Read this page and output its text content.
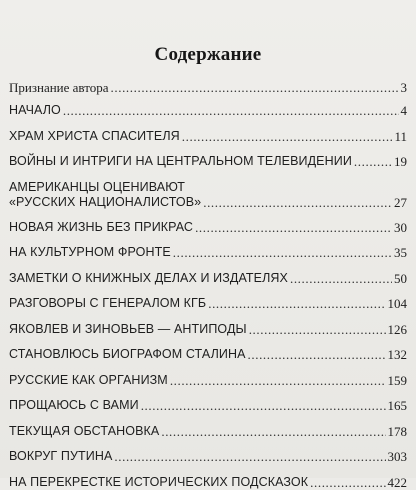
Содержание
Признание автора .....	3
НАЧАЛО .....	4
ХРАМ ХРИСТА СПАСИТЕЛЯ .....	11
ВОЙНЫ И ИНТРИГИ НА ЦЕНТРАЛЬНОМ ТЕЛЕВИДЕНИИ .....	19
АМЕРИКАНЦЫ ОЦЕНИВАЮТ
«РУССКИХ НАЦИОНАЛИСТОВ» .....	27
НОВАЯ ЖИЗНЬ БЕЗ ПРИКРАС .....	30
НА КУЛЬТУРНОМ ФРОНТЕ .....	35
ЗАМЕТКИ О КНИЖНЫХ ДЕЛАХ И ИЗДАТЕЛЯХ .....	50
РАЗГОВОРЫ С ГЕНЕРАЛОМ КГБ .....	104
ЯКОВЛЕВ И ЗИНОВЬЕВ — АНТИПОДЫ .....	126
СТАНОВЛЮСЬ БИОГРАФОМ СТАЛИНА .....	132
РУССКИЕ КАК ОРГАНИЗМ .....	159
ПРОЩАЮСЬ С ВАМИ .....	165
ТЕКУЩАЯ ОБСТАНОВКА .....	178
ВОКРУГ ПУТИНА .....	303
НА ПЕРЕКРЕСТКЕ ИСТОРИЧЕСКИХ ПОДСКАЗОК .....	422
